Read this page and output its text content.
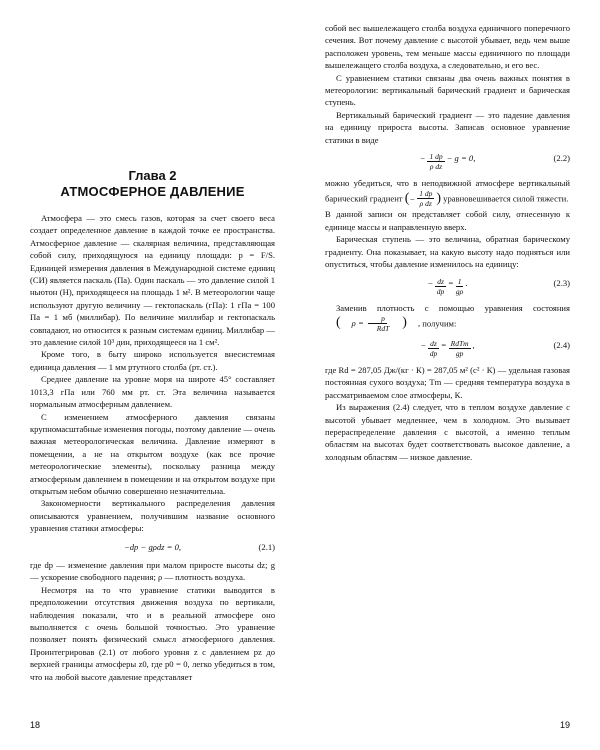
Глава 2
АТМОСФЕРНОЕ ДАВЛЕНИЕ

Атмосфера — это смесь газов, которая за счет своего веса создает определенное давление в каждой точке ее пространства. Атмосферное давление — скалярная величина, представляющая собой силу, приходящуюся на единицу площади: p = F/S. Единицей измерения давления в Международной системе единиц (СИ) является паскаль (Па). Один паскаль — это давление силой 1 ньютон (Н), приходящееся на площадь 1 м². В метеорологии чаще используют другую величину — гектопаскаль (гПа): 1 гПа = 100 Па = 1 мб (миллибар). По величине миллибар и гектопаскаль совпадают, но относится к разным системам единиц. Миллибар — это давление силой 10³ дин, приходящееся на 1 см².

Кроме того, в быту широко используется внесистемная единица давления — 1 мм ртутного столба (рт. ст.).

Среднее давление на уровне моря на широте 45° составляет 1013,3 гПа или 760 мм рт. ст. Эта величина называется нормальным атмосферным давлением.

С изменением атмосферного давления связаны крупномасштабные изменения погоды, поэтому давление — очень важная метеорологическая величина. Давление измеряют в помещении, а не на открытом воздухе (как все прочие метеорологические элементы), поскольку разница между атмосферным давлением в помещении и на открытом воздухе при открытым небом обычно совершенно незначительна.

Закономерности вертикального распределения давления описываются уравнением, получившим название основного уравнения статики атмосферы:

−dp − gρdz = 0,	(2.1)

где dp — изменение давления при малом приросте высоты dz; g — ускорение свободного падения; ρ — плотность воздуха.

Несмотря на то что уравнение статики выводится в предположении отсутствия движения воздуха по вертикали, наблюдения показали, что и в реальной атмосфере оно выполняется с очень большой точностью. Это уравнение позволяет понять физический смысл атмосферного давления. Проинтегрировав (2.1) от любого уровня z с давлением pz до верхней границы атмосферы z0, где p0 = 0, легко убедиться в том, что на любой высоте давление представляет

18

собой вес вышележащего столба воздуха единичного поперечного сечения. Вот почему давление с высотой убывает, ведь чем выше расположен уровень, тем меньше массы единичного по площади вышележащего столба воздуха, а следовательно, и его вес.

С уравнением статики связаны два очень важных понятия в метеорологии: вертикальный барический градиент и барическая ступень.

Вертикальный барический градиент — это падение давления на единицу прироста высоты. Записав основное уравнение статики в виде

− $\frac{1 dp}{\text{ρ dz}} - g = 0$,	(2.2)

можно убедиться, что в неподвижной атмосфере вертикальный барический градиент ( − $\frac{1 dp}{\text{ρ dz}}$ ) уравновешивается силой тяжести.

В данной записи он представляет собой силу, отнесенную к единице массы и направленную вверх.

Барическая ступень — это величина, обратная барическому градиенту. Она показывает, на какую высоту надо подняться или опуститься, чтобы давление изменилось на единицу:

− $\frac{dz}{dp} = \frac{1}{g\rho}$ .	(2.3)

Заменив плотность с помощью уравнения состояния
( $\rho = \frac{p}{\text{RdT}}$ ) , получим:

− $\frac{dz}{dp} = \frac{\text{RdTm}}{gp}$ ,	(2.4)

где Rd = 287,05 Дж/(кг · К) = 287,05 м² (с² · К) — удельная газовая постоянная сухого воздуха; Tm — средняя температура воздуха в рассматриваемом слое атмосферы, К.

Из выражения (2.4) следует, что в теплом воздухе давление с высотой убывает медленнее, чем в холодном. Это вызывает перераспределение давления с высотой, а именно теплым областям на высотах будет соответствовать высокое давление, а холодным областям — низкое давление.

19
